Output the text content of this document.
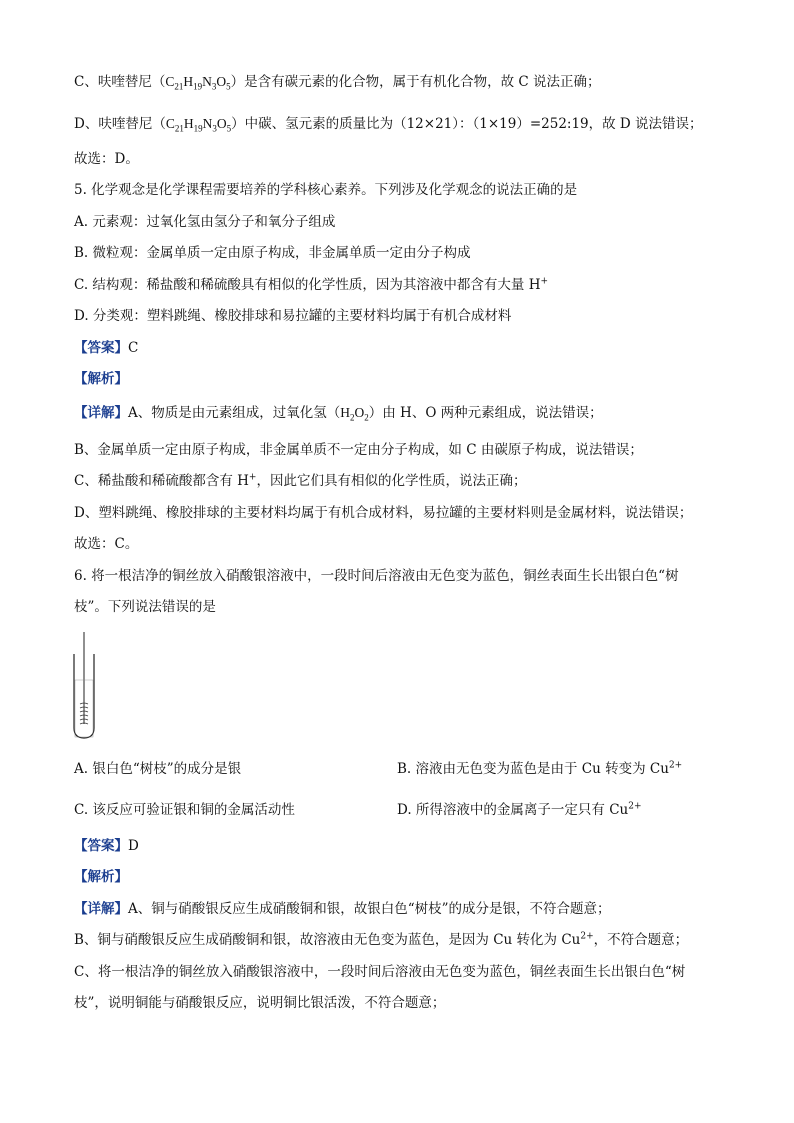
C、呋喹替尼$(C_{21}H_{19}N_3O_5)$是含有碳元素的化合物，属于有机化合物，故 C 说法正确；
D、呋喹替尼$(C_{21}H_{19}N_3O_5)$中碳、氢元素的质量比为（12×21）：（1×19）=252:19，故 D 说法错误；
故选：D。
5. 化学观念是化学课程需要培养的学科核心素养。下列涉及化学观念的说法正确的是
A. 元素观：过氧化氢由氢分子和氧分子组成
B. 微粒观：金属单质一定由原子构成，非金属单质一定由分子构成
C. 结构观：稀盐酸和稀硫酸具有相似的化学性质，因为其溶液中都含有大量 H+
D. 分类观：塑料跳绳、橡胶排球和易拉罐的主要材料均属于有机合成材料
【答案】C
【解析】
【详解】A、物质是由元素组成，过氧化氢$(H_2O_2)$由 H、O 两种元素组成，说法错误；
B、金属单质一定由原子构成，非金属单质不一定由分子构成，如 C 由碳原子构成，说法错误；
C、稀盐酸和稀硫酸都含有 H+，因此它们具有相似的化学性质，说法正确；
D、塑料跳绳、橡胶排球的主要材料均属于有机合成材料，易拉罐的主要材料则是金属材料，说法错误；
故选：C。
6. 将一根洁净的铜丝放入硝酸银溶液中，一段时间后溶液由无色变为蓝色，铜丝表面生长出银白色“树
枝”。下列说法错误的是
A. 银白色“树枝”的成分是银	B. 溶液由无色变为蓝色是由于 Cu 转变为 $Cu^{2+}$
C. 该反应可验证银和铜的金属活动性	D. 所得溶液中的金属离子一定只有 $Cu^{2+}$
【答案】D
【解析】
【详解】A、铜与硝酸银反应生成硝酸铜和银，故银白色“树枝”的成分是银，不符合题意；
B、铜与硝酸银反应生成硝酸铜和银，故溶液由无色变为蓝色，是因为 Cu 转化为 $Cu^{2+}$，不符合题意；
C、将一根洁净的铜丝放入硝酸银溶液中，一段时间后溶液由无色变为蓝色，铜丝表面生长出银白色“树
枝”，说明铜能与硝酸银反应，说明铜比银活泼，不符合题意；
